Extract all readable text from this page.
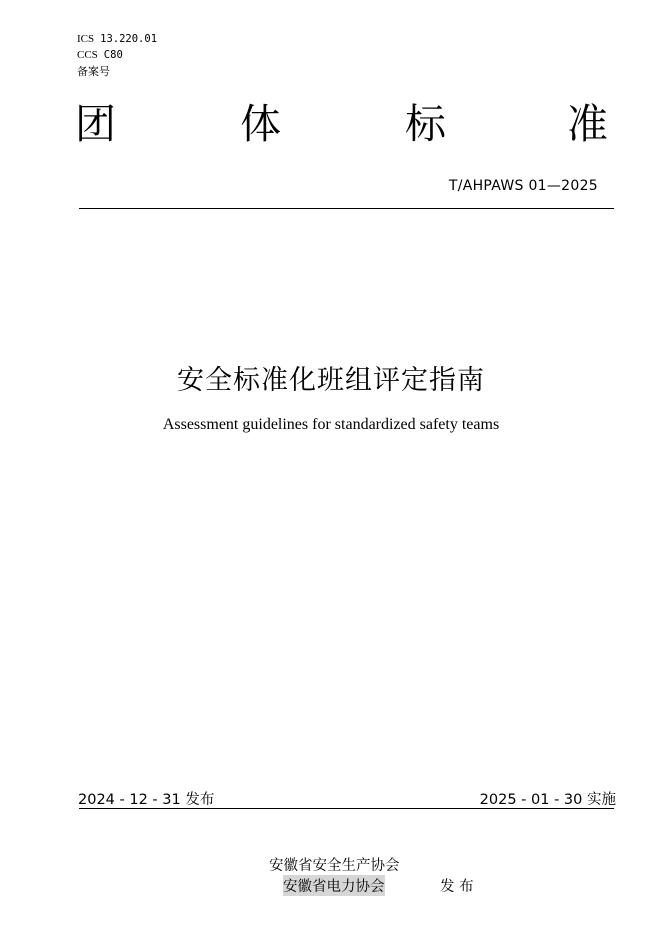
ICS 13.220.01
CCS C80
备案号
团	体	标	准
T/AHPAWS 01—2025
安全标准化班组评定指南
Assessment guidelines for standardized safety teams
2024 - 12 - 31 发布	2025 - 01 - 30 实施
安徽省安全生产协会
安徽省电力协会	发 布
